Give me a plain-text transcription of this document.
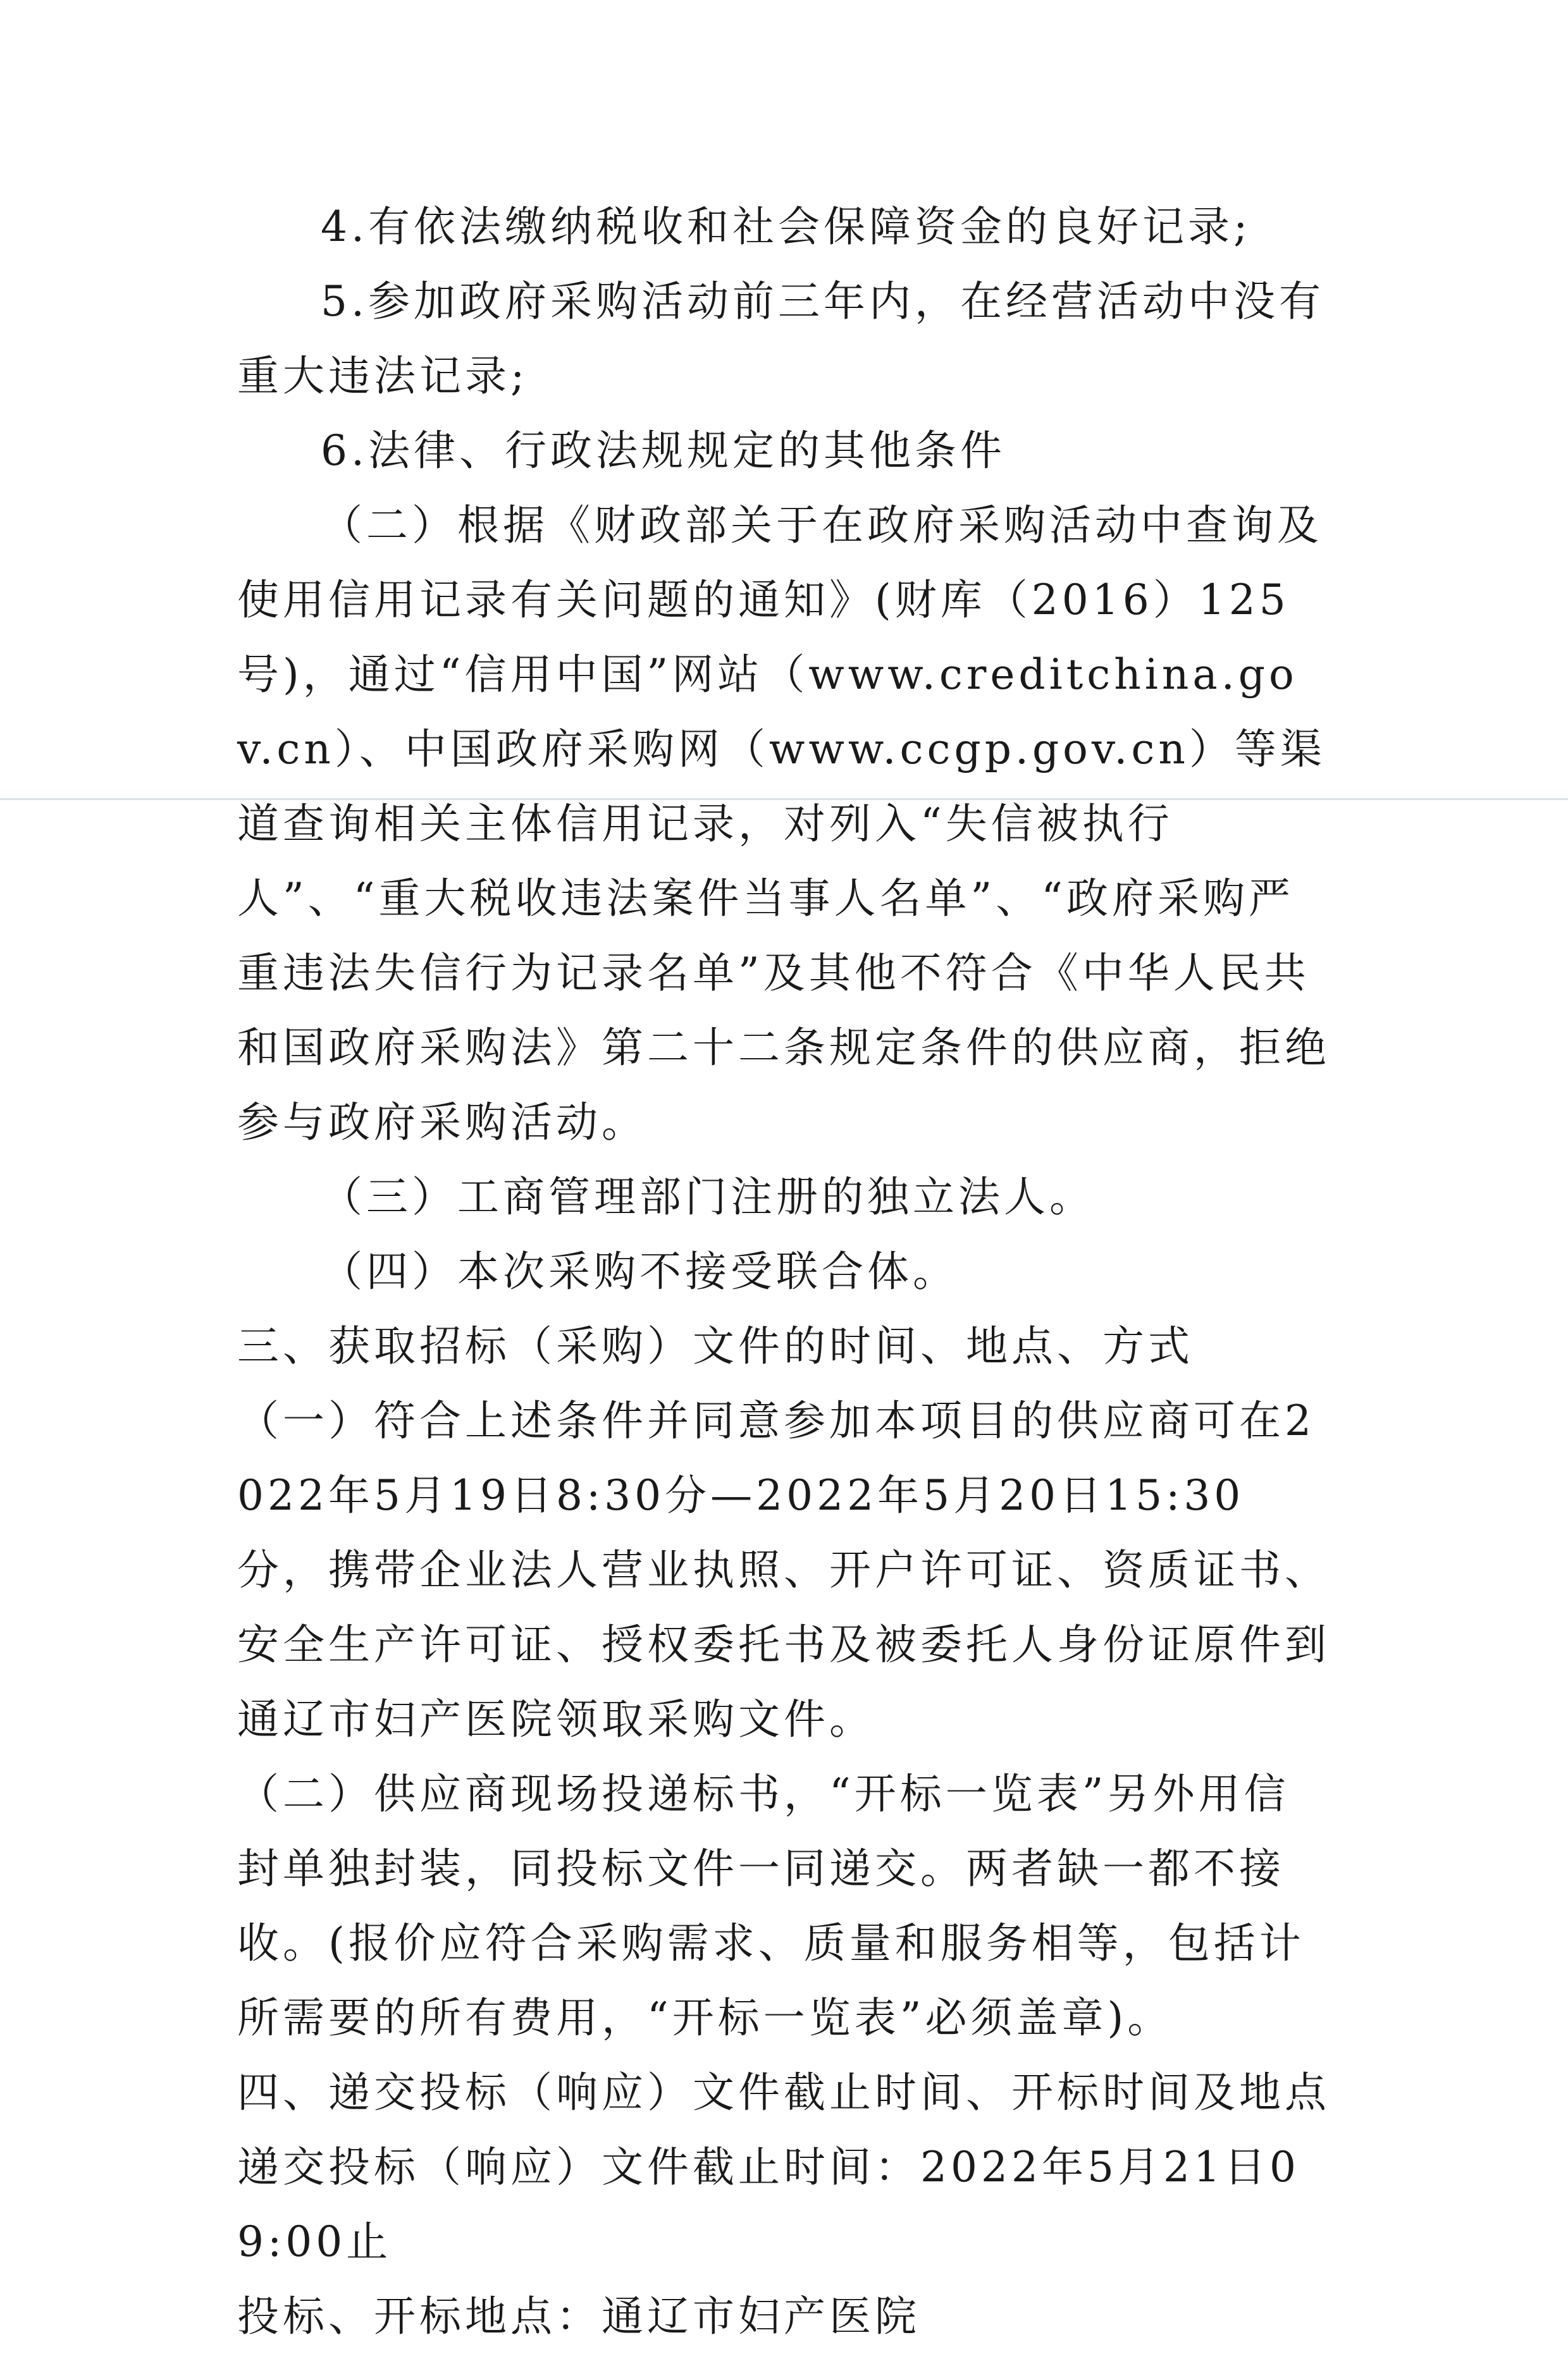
4.有依法缴纳税收和社会保障资金的良好记录;

5.参加政府采购活动前三年内，在经营活动中没有重大违法记录;

6.法律、行政法规规定的其他条件

（二）根据《财政部关于在政府采购活动中查询及使用信用记录有关问题的通知》(财库（2016）125号)，通过“信用中国”网站（www.creditchina.gov.cn）、中国政府采购网（www.ccgp.gov.cn）等渠道查询相关主体信用记录，对列入“失信被执行人”、“重大税收违法案件当事人名单”、“政府采购严重违法失信行为记录名单”及其他不符合《中华人民共和国政府采购法》第二十二条规定条件的供应商，拒绝参与政府采购活动。

（三）工商管理部门注册的独立法人。

（四）本次采购不接受联合体。

三、获取招标（采购）文件的时间、地点、方式

（一）符合上述条件并同意参加本项目的供应商可在2022年5月19日8:30分—2022年5月20日15:30分，携带企业法人营业执照、开户许可证、资质证书、安全生产许可证、授权委托书及被委托人身份证原件到通辽市妇产医院领取采购文件。

（二）供应商现场投递标书，“开标一览表”另外用信封单独封装，同投标文件一同递交。两者缺一都不接收。(报价应符合采购需求、质量和服务相等，包括计所需要的所有费用，“开标一览表”必须盖章)。

四、递交投标（响应）文件截止时间、开标时间及地点

递交投标（响应）文件截止时间：2022年5月21日09:00止

投标、开标地点：通辽市妇产医院
